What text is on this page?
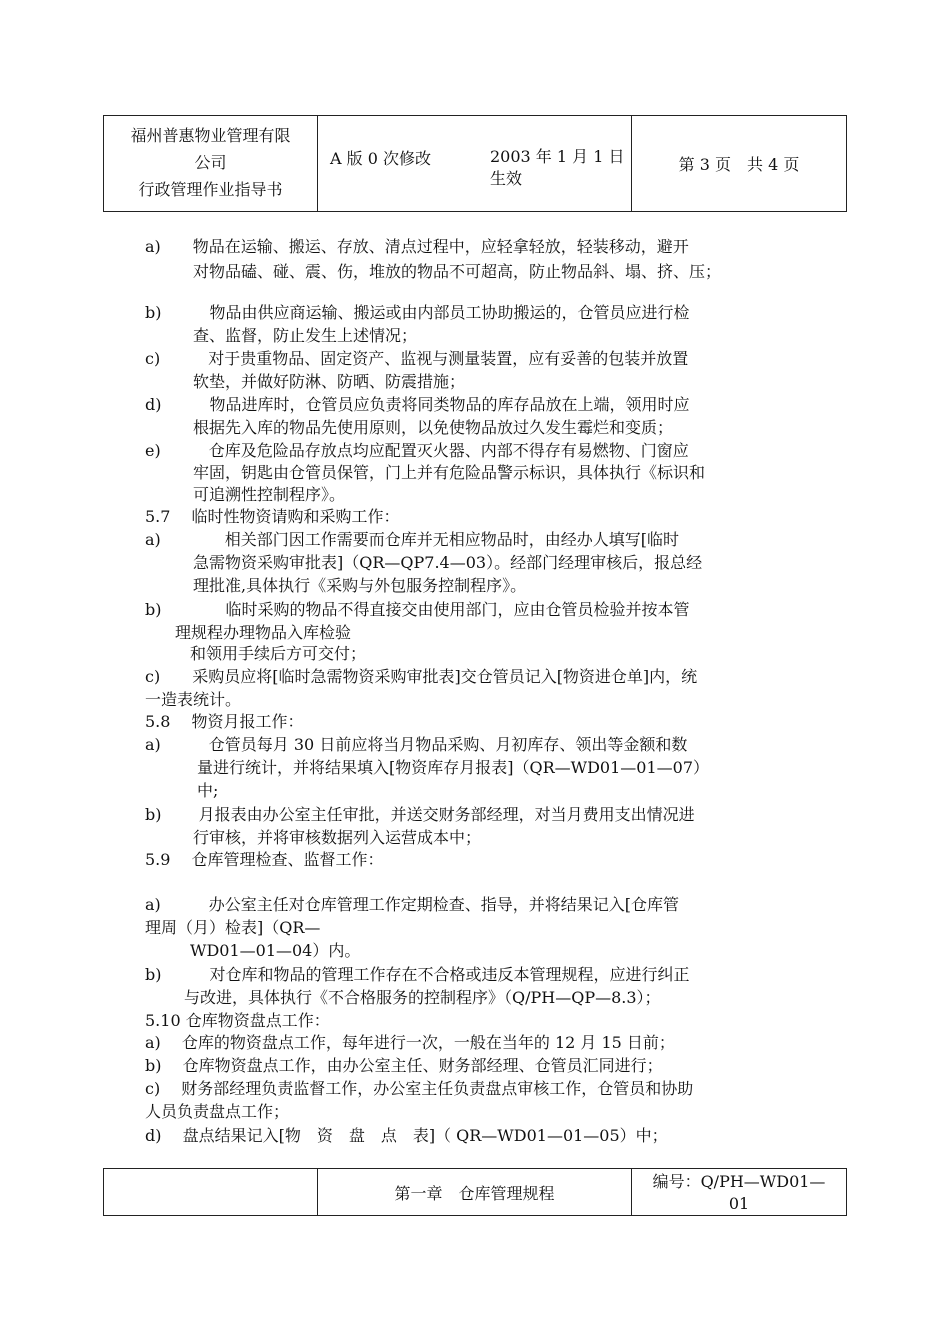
福州普惠物业管理有限
公司
行政管理作业指导书
A 版 0 次修改	2003 年 1 月 1 日
生效
第 3 页　共 4 页
a)　　物品在运输、搬运、存放、清点过程中，应轻拿轻放，轻装移动，避开
对物品磕、碰、震、伤，堆放的物品不可超高，防止物品斜、塌、挤、压；
b)　　　物品由供应商运输、搬运或由内部员工协助搬运的，仓管员应进行检
查、监督，防止发生上述情况；
c)　　　对于贵重物品、固定资产、监视与测量装置，应有妥善的包装并放置
软垫，并做好防淋、防晒、防震措施；
d)　　　物品进库时，仓管员应负责将同类物品的库存品放在上端，领用时应
根据先入库的物品先使用原则，以免使物品放过久发生霉烂和变质；
e)　　　仓库及危险品存放点均应配置灭火器、内部不得存有易燃物、门窗应
牢固，钥匙由仓管员保管，门上并有危险品警示标识，具体执行《标识和
可追溯性控制程序》。
5.7　 临时性物资请购和采购工作：
a)　　　　相关部门因工作需要而仓库并无相应物品时，由经办人填写[临时
急需物资采购审批表]（QR—QP7.4—03）。经部门经理审核后，报总经
理批准,具体执行《采购与外包服务控制程序》。
b)　　　　临时采购的物品不得直接交由使用部门，应由仓管员检验并按本管
理规程办理物品入库检验
和领用手续后方可交付；
c)　　采购员应将[临时急需物资采购审批表]交仓管员记入[物资进仓单]内，统
一造表统计。
5.8　 物资月报工作：
a)　　　仓管员每月 30 日前应将当月物品采购、月初库存、领出等金额和数
量进行统计，并将结果填入[物资库存月报表]（QR—WD01—01—07）
中;
b)　　 月报表由办公室主任审批，并送交财务部经理，对当月费用支出情况进
行审核，并将审核数据列入运营成本中；
5.9　 仓库管理检查、监督工作：
a)　　　办公室主任对仓库管理工作定期检查、指导，并将结果记入[仓库管
理周（月）检表]（QR—
WD01—01—04）内。
b)　　　对仓库和物品的管理工作存在不合格或违反本管理规程，应进行纠正
与改进，具体执行《不合格服务的控制程序》（Q/PH—QP—8.3）；
5.10 仓库物资盘点工作：
a)　 仓库的物资盘点工作，每年进行一次，一般在当年的 12 月 15 日前；
b)　 仓库物资盘点工作，由办公室主任、财务部经理、仓管员汇同进行；
c)　 财务部经理负责监督工作，办公室主任负责盘点审核工作，仓管员和协助
人员负责盘点工作；
d)　 盘点结果记入[物　资　盘　点　表]（ QR—WD01—01—05）中；
第一章　仓库管理规程
编号：Q/PH—WD01—
01
